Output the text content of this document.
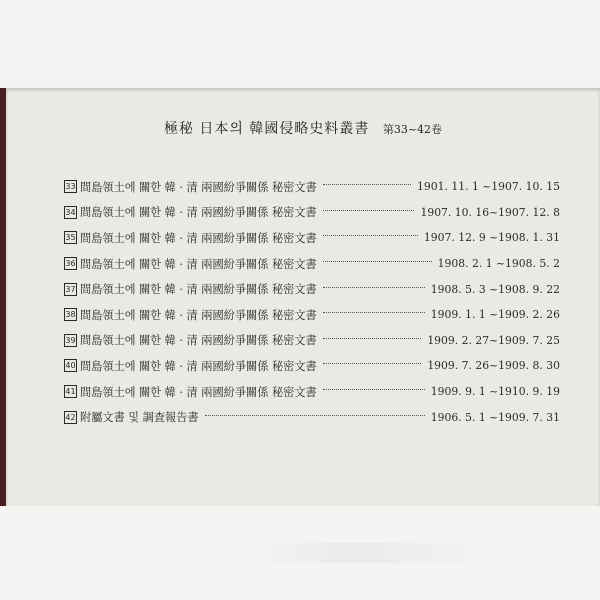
極秘 日本의 韓國侵略史料叢書 第33~42卷
33 間島領土에 關한 韓 · 清 兩國紛爭關係 秘密文書	1901. 11. 1 ~1907. 10. 15
34 間島領土에 關한 韓 · 清 兩國紛爭關係 秘密文書	1907. 10. 16~1907. 12. 8
35 間島領土에 關한 韓 · 清 兩國紛爭關係 秘密文書	1907. 12. 9 ~1908. 1. 31
36 間島領土에 關한 韓 · 清 兩國紛爭關係 秘密文書	1908. 2. 1 ~1908. 5. 2
37 間島領土에 關한 韓 · 清 兩國紛爭關係 秘密文書	1908. 5. 3 ~1908. 9. 22
38 間島領土에 關한 韓 · 清 兩國紛爭關係 秘密文書	1909. 1. 1 ~1909. 2. 26
39 間島領土에 關한 韓 · 清 兩國紛爭關係 秘密文書	1909. 2. 27~1909. 7. 25
40 間島領土에 關한 韓 · 清 兩國紛爭關係 秘密文書	1909. 7. 26~1909. 8. 30
41 間島領土에 關한 韓 · 清 兩國紛爭關係 秘密文書	1909. 9. 1 ~1910. 9. 19
42 附屬文書 및 調査報告書	1906. 5. 1 ~1909. 7. 31
